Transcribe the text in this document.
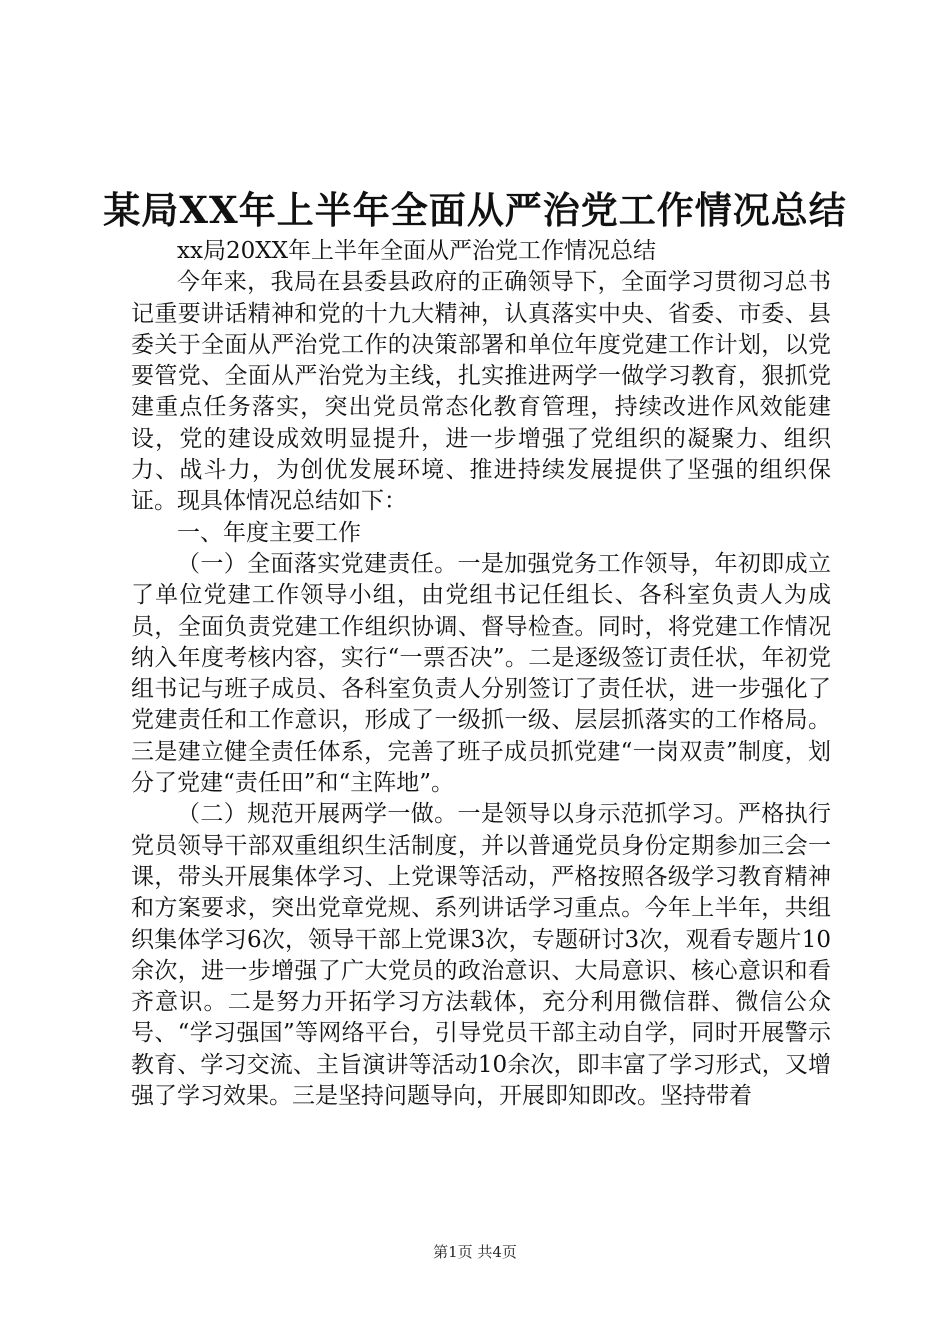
某局XX年上半年全面从严治党工作情况总结

xx局20XX年上半年全面从严治党工作情况总结

今年来，我局在县委县政府的正确领导下，全面学习贯彻习总书记重要讲话精神和党的十九大精神，认真落实中央、省委、市委、县委关于全面从严治党工作的决策部署和单位年度党建工作计划，以党要管党、全面从严治党为主线，扎实推进两学一做学习教育，狠抓党建重点任务落实，突出党员常态化教育管理，持续改进作风效能建设，党的建设成效明显提升，进一步增强了党组织的凝聚力、组织力、战斗力，为创优发展环境、推进持续发展提供了坚强的组织保证。现具体情况总结如下：

一、年度主要工作

（一）全面落实党建责任。一是加强党务工作领导，年初即成立了单位党建工作领导小组，由党组书记任组长、各科室负责人为成员，全面负责党建工作组织协调、督导检查。同时，将党建工作情况纳入年度考核内容，实行“一票否决”。二是逐级签订责任状，年初党组书记与班子成员、各科室负责人分别签订了责任状，进一步强化了党建责任和工作意识，形成了一级抓一级、层层抓落实的工作格局。三是建立健全责任体系，完善了班子成员抓党建“一岗双责”制度，划分了党建“责任田”和“主阵地”。

（二）规范开展两学一做。一是领导以身示范抓学习。严格执行党员领导干部双重组织生活制度，并以普通党员身份定期参加三会一课，带头开展集体学习、上党课等活动，严格按照各级学习教育精神和方案要求，突出党章党规、系列讲话学习重点。今年上半年，共组织集体学习6次，领导干部上党课3次，专题研讨3次，观看专题片10余次，进一步增强了广大党员的政治意识、大局意识、核心意识和看齐意识。二是努力开拓学习方法载体，充分利用微信群、微信公众号、“学习强国”等网络平台，引导党员干部主动自学，同时开展警示教育、学习交流、主旨演讲等活动10余次，即丰富了学习形式，又增强了学习效果。三是坚持问题导向，开展即知即改。坚持带着

第1页 共4页
